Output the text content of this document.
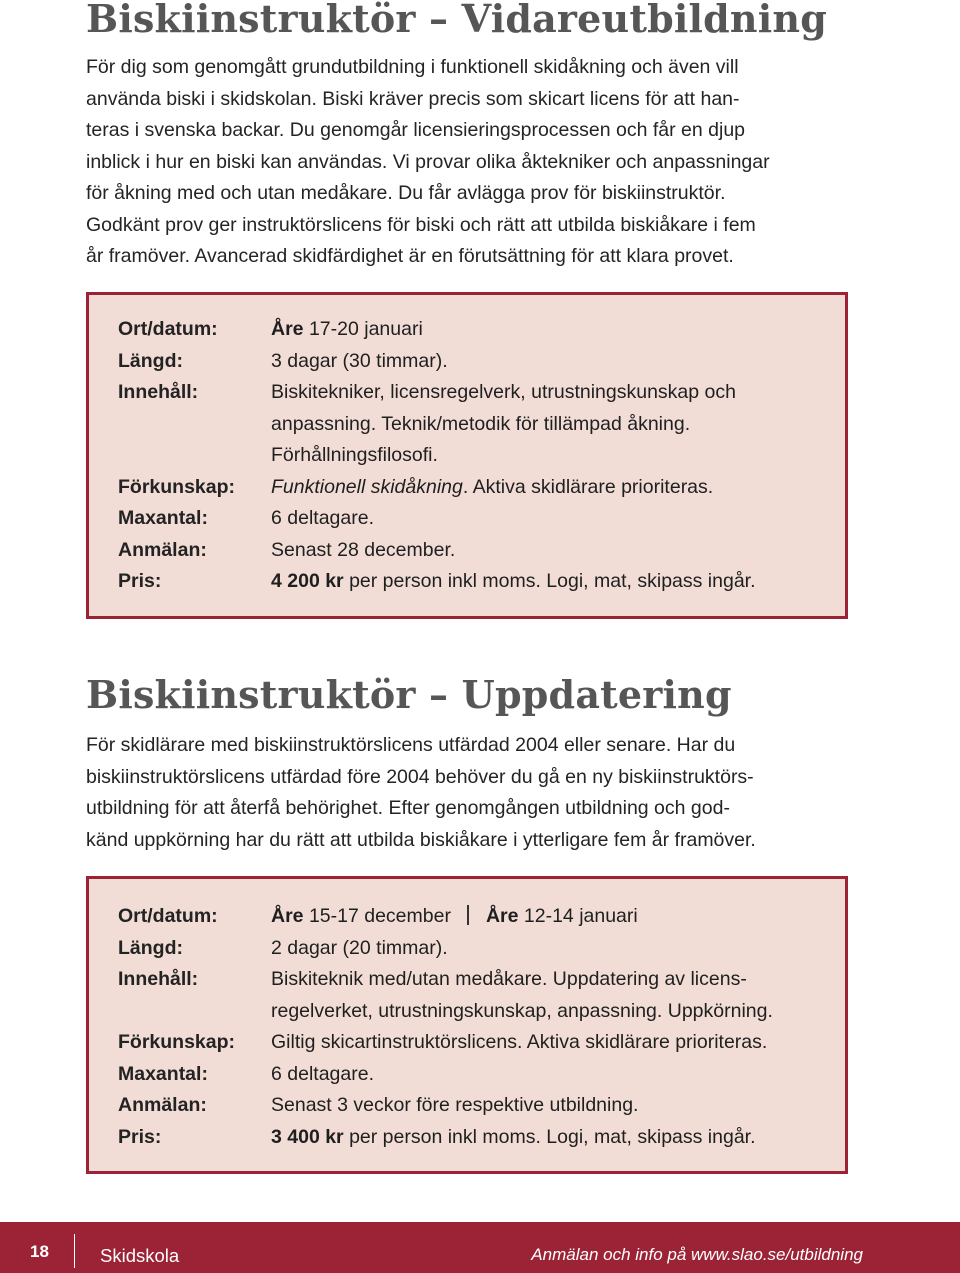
Biskiinstruktör – Vidareutbildning

För dig som genomgått grundutbildning i funktionell skidåkning och även vill
använda biski i skidskolan. Biski kräver precis som skicart licens för att han-
teras i svenska backar. Du genomgår licensieringsprocessen och får en djup
inblick i hur en biski kan användas. Vi provar olika åktekniker och anpassningar
för åkning med och utan medåkare. Du får avlägga prov för biskiinstruktör.
Godkänt prov ger instruktörslicens för biski och rätt att utbilda biskiåkare i fem
år framöver. Avancerad skidfärdighet är en förutsättning för att klara provet.

Ort/datum:	Åre 17-20 januari
Längd:	3 dagar (30 timmar).
Innehåll:	Biskitekniker, licensregelverk, utrustningskunskap och
anpassning. Teknik/metodik för tillämpad åkning.
Förhållningsfilosofi.
Förkunskap:	Funktionell skidåkning. Aktiva skidlärare prioriteras.
Maxantal:	6 deltagare.
Anmälan:	Senast 28 december.
Pris:	4 200 kr per person inkl moms. Logi, mat, skipass ingår.
Biskiinstruktör – Uppdatering

För skidlärare med biskiinstruktörslicens utfärdad 2004 eller senare. Har du
biskiinstruktörslicens utfärdad före 2004 behöver du gå en ny biskiinstruktörs-
utbildning för att återfå behörighet. Efter genomgången utbildning och god-
känd uppkörning har du rätt att utbilda biskiåkare i ytterligare fem år framöver.

Ort/datum:	Åre 15-17 december Åre 12-14 januari
Längd:	2 dagar (20 timmar).
Innehåll:	Biskiteknik med/utan medåkare. Uppdatering av licens-
regelverket, utrustningskunskap, anpassning. Uppkörning.
Förkunskap:	Giltig skicartinstruktörslicens. Aktiva skidlärare prioriteras.
Maxantal:	6 deltagare.
Anmälan:	Senast 3 veckor före respektive utbildning.
Pris:	3 400 kr per person inkl moms. Logi, mat, skipass ingår.
18	Skidskola	Anmälan och info på www.slao.se/utbildning
